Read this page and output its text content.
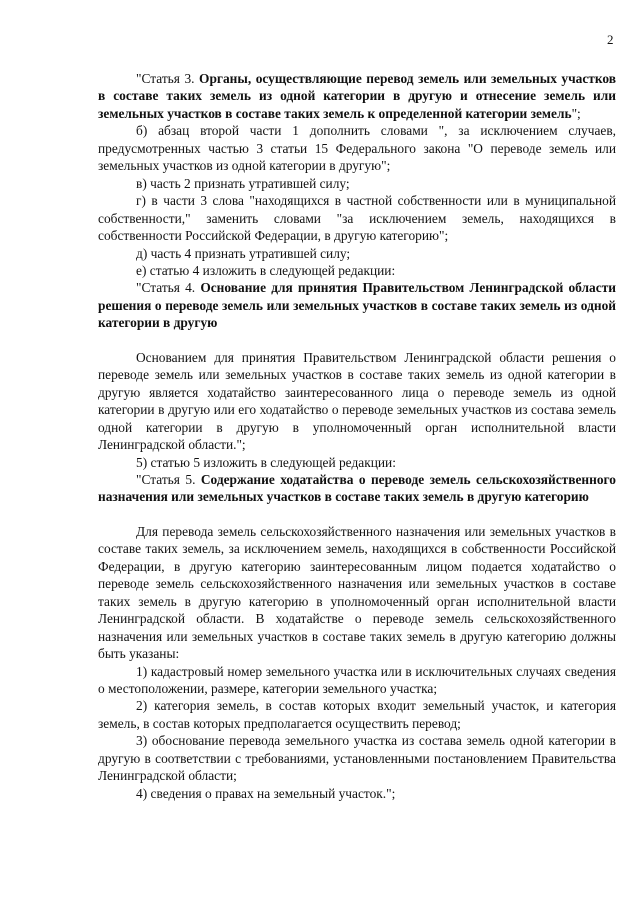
2

"Статья 3. Органы, осуществляющие перевод земель или земельных участков в составе таких земель из одной категории в другую и отнесение земель или земельных участков в составе таких земель к определенной категории земель";

б) абзац второй части 1 дополнить словами ", за исключением случаев, предусмотренных частью 3 статьи 15 Федерального закона "О переводе земель или земельных участков из одной категории в другую";

в) часть 2 признать утратившей силу;

г) в части 3 слова "находящихся в частной собственности или в муниципальной собственности," заменить словами "за исключением земель, находящихся в собственности Российской Федерации, в другую категорию";

д) часть 4 признать утратившей силу;

е) статью 4 изложить в следующей редакции:

"Статья 4. Основание для принятия Правительством Ленинградской области решения о переводе земель или земельных участков в составе таких земель из одной категории в другую

Основанием для принятия Правительством Ленинградской области решения о переводе земель или земельных участков в составе таких земель из одной категории в другую является ходатайство заинтересованного лица о переводе земель из одной категории в другую или его ходатайство о переводе земельных участков из состава земель одной категории в другую в уполномоченный орган исполнительной власти Ленинградской области.";

5) статью 5 изложить в следующей редакции:

"Статья 5. Содержание ходатайства о переводе земель сельскохозяйственного назначения или земельных участков в составе таких земель в другую категорию

Для перевода земель сельскохозяйственного назначения или земельных участков в составе таких земель, за исключением земель, находящихся в собственности Российской Федерации, в другую категорию заинтересованным лицом подается ходатайство о переводе земель сельскохозяйственного назначения или земельных участков в составе таких земель в другую категорию в уполномоченный орган исполнительной власти Ленинградской области. В ходатайстве о переводе земель сельскохозяйственного назначения или земельных участков в составе таких земель в другую категорию должны быть указаны:

1) кадастровый номер земельного участка или в исключительных случаях сведения о местоположении, размере, категории земельного участка;

2) категория земель, в состав которых входит земельный участок, и категория земель, в состав которых предполагается осуществить перевод;

3) обоснование перевода земельного участка из состава земель одной категории в другую в соответствии с требованиями, установленными постановлением Правительства Ленинградской области;

4) сведения о правах на земельный участок.";
